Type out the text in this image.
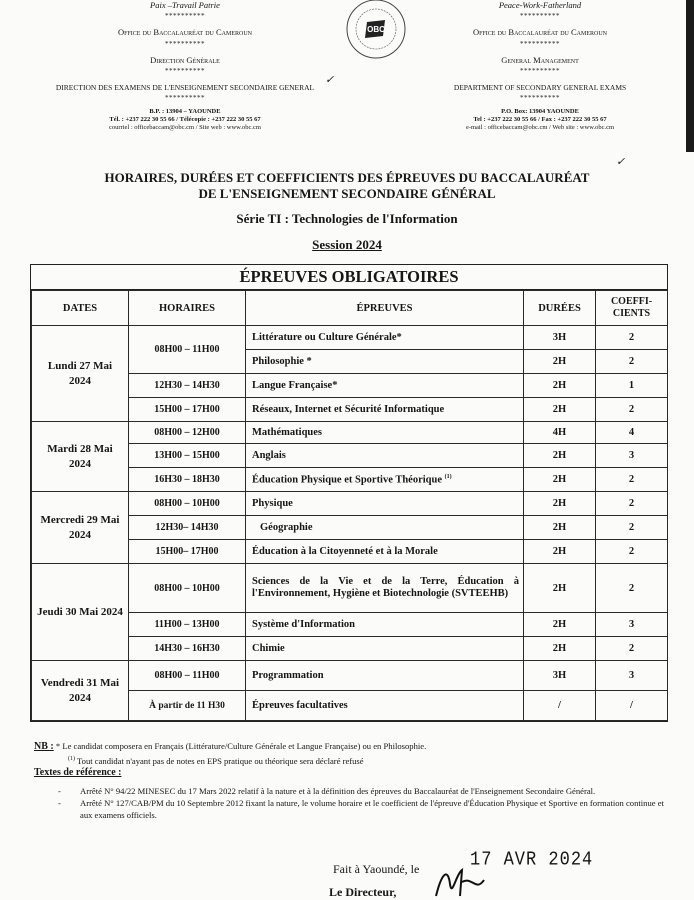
Paix –Travail Patrie
**********
Office du Baccalauréat du Cameroun
**********
Direction Générale
**********
DIRECTION DES EXAMENS DE L'ENSEIGNEMENT SECONDAIRE GENERAL
**********
B.P. : 13904 – YAOUNDE
Tél. : +237 222 30 55 66 / Télécopie : +237 222 30 55 67
courriel : officebaccam@obc.cm / Site web : www.obc.cm
OBC
✓
Peace-Work-Fatherland
**********
Office du Baccalauréat du Cameroun
**********
General Management
**********
DEPARTMENT OF SECONDARY GENERAL EXAMS
**********
P.O. Box: 13904 YAOUNDE
Tel : +237 222 30 55 66 / Fax : +237 222 30 55 67
e-mail : officebaccam@obc.cm / Web site : www.obc.cm
HORAIRES, DURÉES ET COEFFICIENTS DES ÉPREUVES DU BACCALAURÉAT
DE L'ENSEIGNEMENT SECONDAIRE GÉNÉRAL
✓
Série TI : Technologies de l'Information
Session 2024
ÉPREUVES OBLIGATOIRES
DATES	HORAIRES	ÉPREUVES	DURÉES	COEFFI-
CIENTS
Lundi 27 Mai 2024	08H00 – 11H00	Littérature ou Culture Générale*	3H	2
		Philosophie *	2H	2
	12H30 – 14H30	Langue Française*	2H	1
	15H00 – 17H00	Réseaux, Internet et Sécurité Informatique	2H	2
Mardi 28 Mai 2024	08H00 – 12H00	Mathématiques	4H	4
	13H00 – 15H00	Anglais	2H	3
	16H30 – 18H30	Éducation Physique et Sportive Théorique $^{(1)}$	2H	2
Mercredi 29 Mai 2024	08H00 – 10H00	Physique	2H	2
	12H30– 14H30	Géographie	2H	2
	15H00– 17H00	Éducation à la Citoyenneté et à la Morale	2H	2
Jeudi 30 Mai 2024	08H00 – 10H00	Sciences de la Vie et de la Terre, Éducation à l'Environnement, Hygiène et Biotechnologie (SVTEEHB)	2H	2
	11H00 – 13H00	Système d'Information	2H	3
	14H30 – 16H30	Chimie	2H	2
Vendredi 31 Mai 2024	08H00 – 11H00	Programmation	3H	3
	À partir de 11 H30	Épreuves facultatives	/	/
NB : * Le candidat composera en Français (Littérature/Culture Générale et Langue Française) ou en Philosophie.
$^{(1)}$ Tout candidat n'ayant pas de notes en EPS pratique ou théorique sera déclaré refusé
Textes de référence :
- Arrêté N° 94/22 MINESEC du 17 Mars 2022 relatif à la nature et à la définition des épreuves du Baccalauréat de l'Enseignement Secondaire Général.
- Arrêté N° 127/CAB/PM du 10 Septembre 2012 fixant la nature, le volume horaire et le coefficient de l'épreuve d'Éducation Physique et Sportive en formation continue et aux examens officiels.
Fait à Yaoundé, le	17 AVR 2024
Le Directeur,
